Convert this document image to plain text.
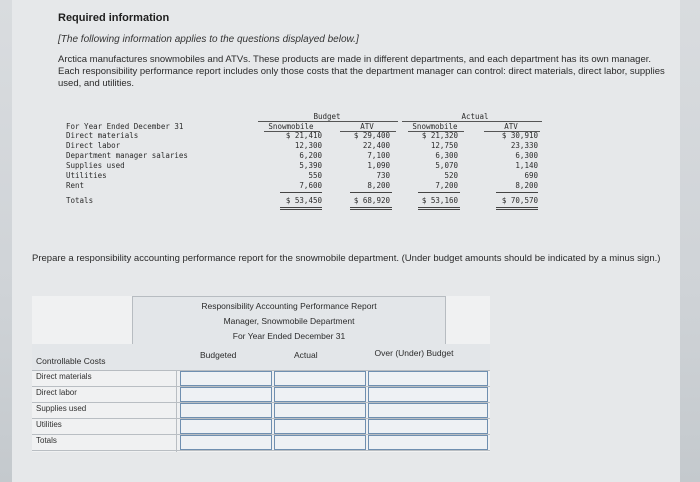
Required information
[The following information applies to the questions displayed below.]
Arctica manufactures snowmobiles and ATVs. These products are made in different departments, and each department has its own manager. Each responsibility performance report includes only those costs that the department manager can control: direct materials, direct labor, supplies used, and utilities.
Budget	Actual
Snowmobile	ATV	Snowmobile	ATV
For Year Ended December 31
Direct materials	$ 21,410	$ 29,400	$ 21,320	$ 30,910
Direct labor	12,300	22,400	12,750	23,330
Department manager salaries	6,200	7,100	6,300	6,300
Supplies used	5,390	1,090	5,070	1,140
Utilities	550	730	520	690
Rent	7,600	8,200	7,200	8,200
Totals	$ 53,450	$ 68,920	$ 53,160	$ 70,570
Prepare a responsibility accounting performance report for the snowmobile department. (Under budget amounts should be indicated by a minus sign.)
Responsibility Accounting Performance Report
Manager, Snowmobile Department
For Year Ended December 31
Controllable Costs
Budgeted	Actual	Over (Under) Budget
Direct materials
Direct labor
Supplies used
Utilities
Totals
